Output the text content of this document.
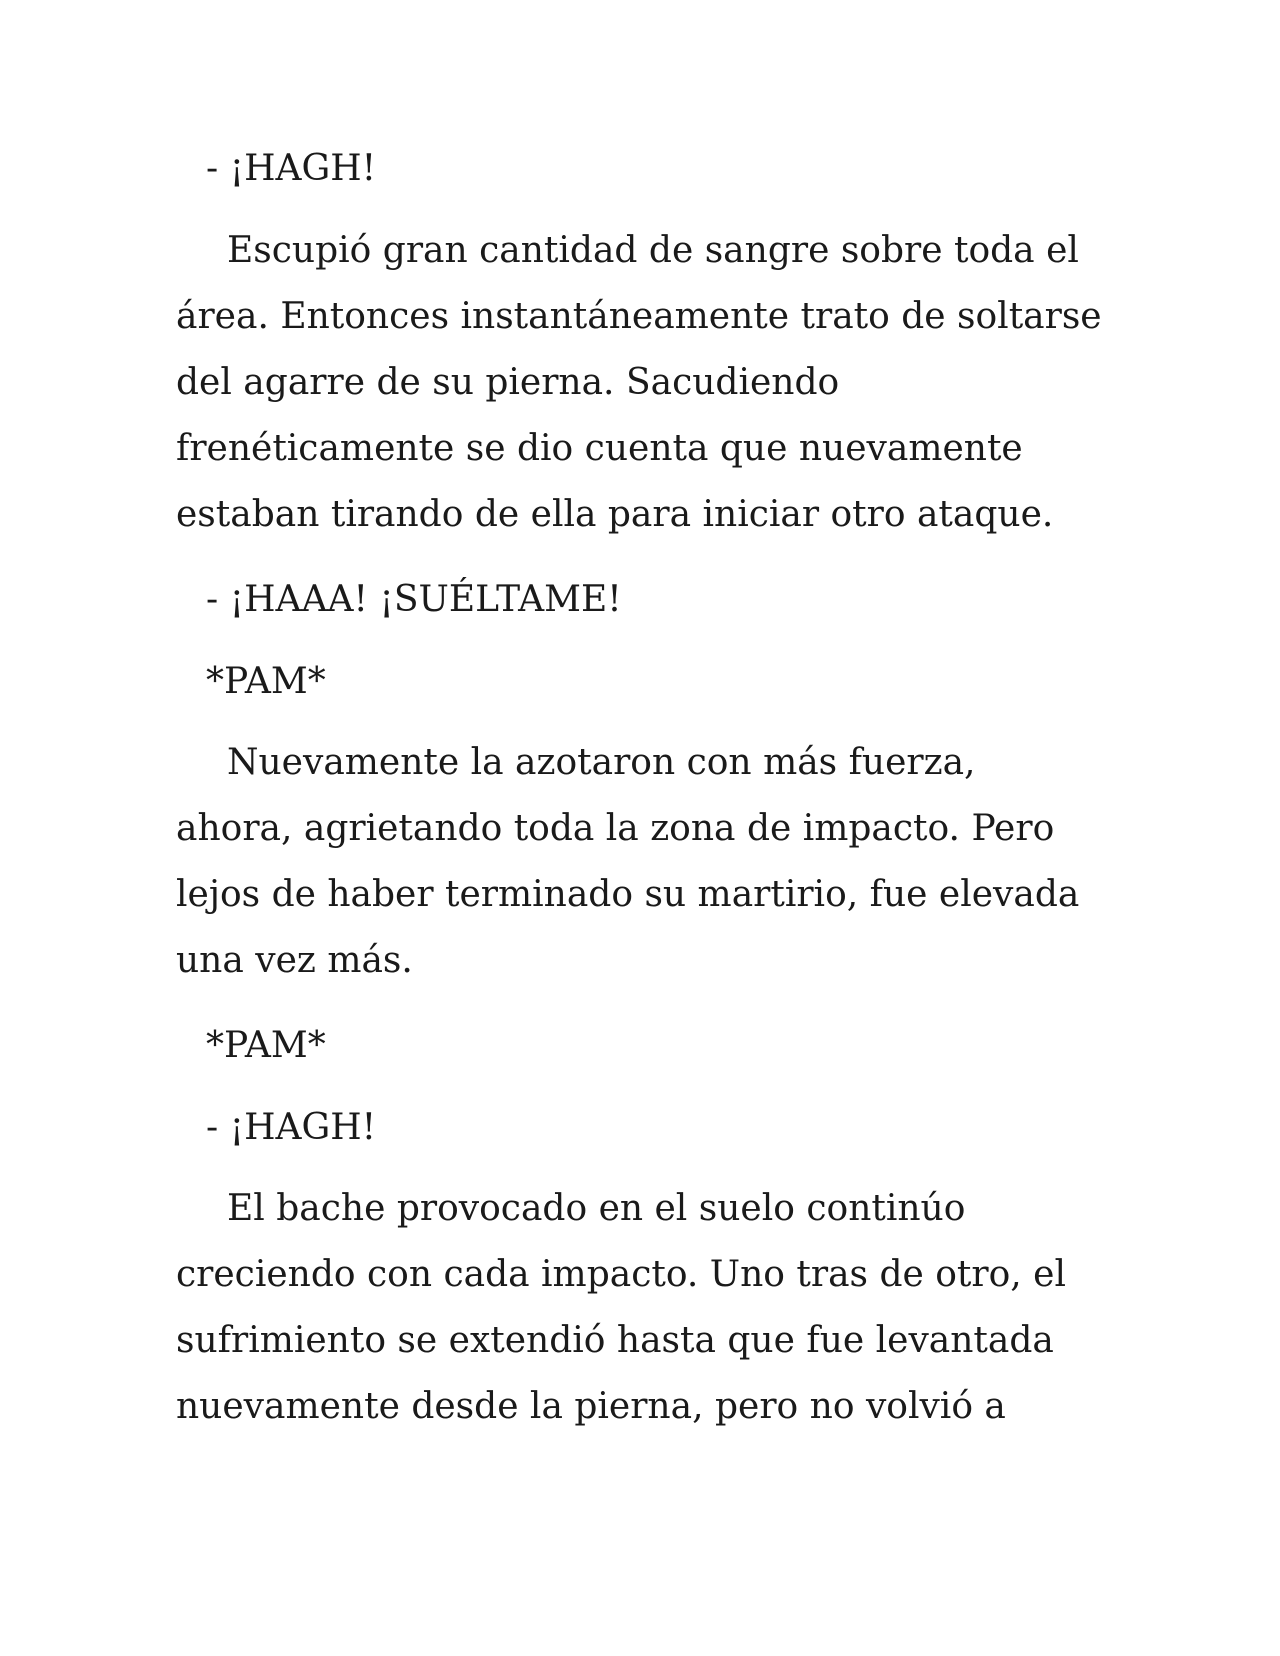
- ¡HAGH!

Escupió gran cantidad de sangre sobre toda el
área. Entonces instantáneamente trato de soltarse
del agarre de su pierna. Sacudiendo
frenéticamente se dio cuenta que nuevamente
estaban tirando de ella para iniciar otro ataque.

- ¡HAAA! ¡SUÉLTAME!

*PAM*

Nuevamente la azotaron con más fuerza,
ahora, agrietando toda la zona de impacto. Pero
lejos de haber terminado su martirio, fue elevada
una vez más.

*PAM*

- ¡HAGH!

El bache provocado en el suelo continúo
creciendo con cada impacto. Uno tras de otro, el
sufrimiento se extendió hasta que fue levantada
nuevamente desde la pierna, pero no volvió a
